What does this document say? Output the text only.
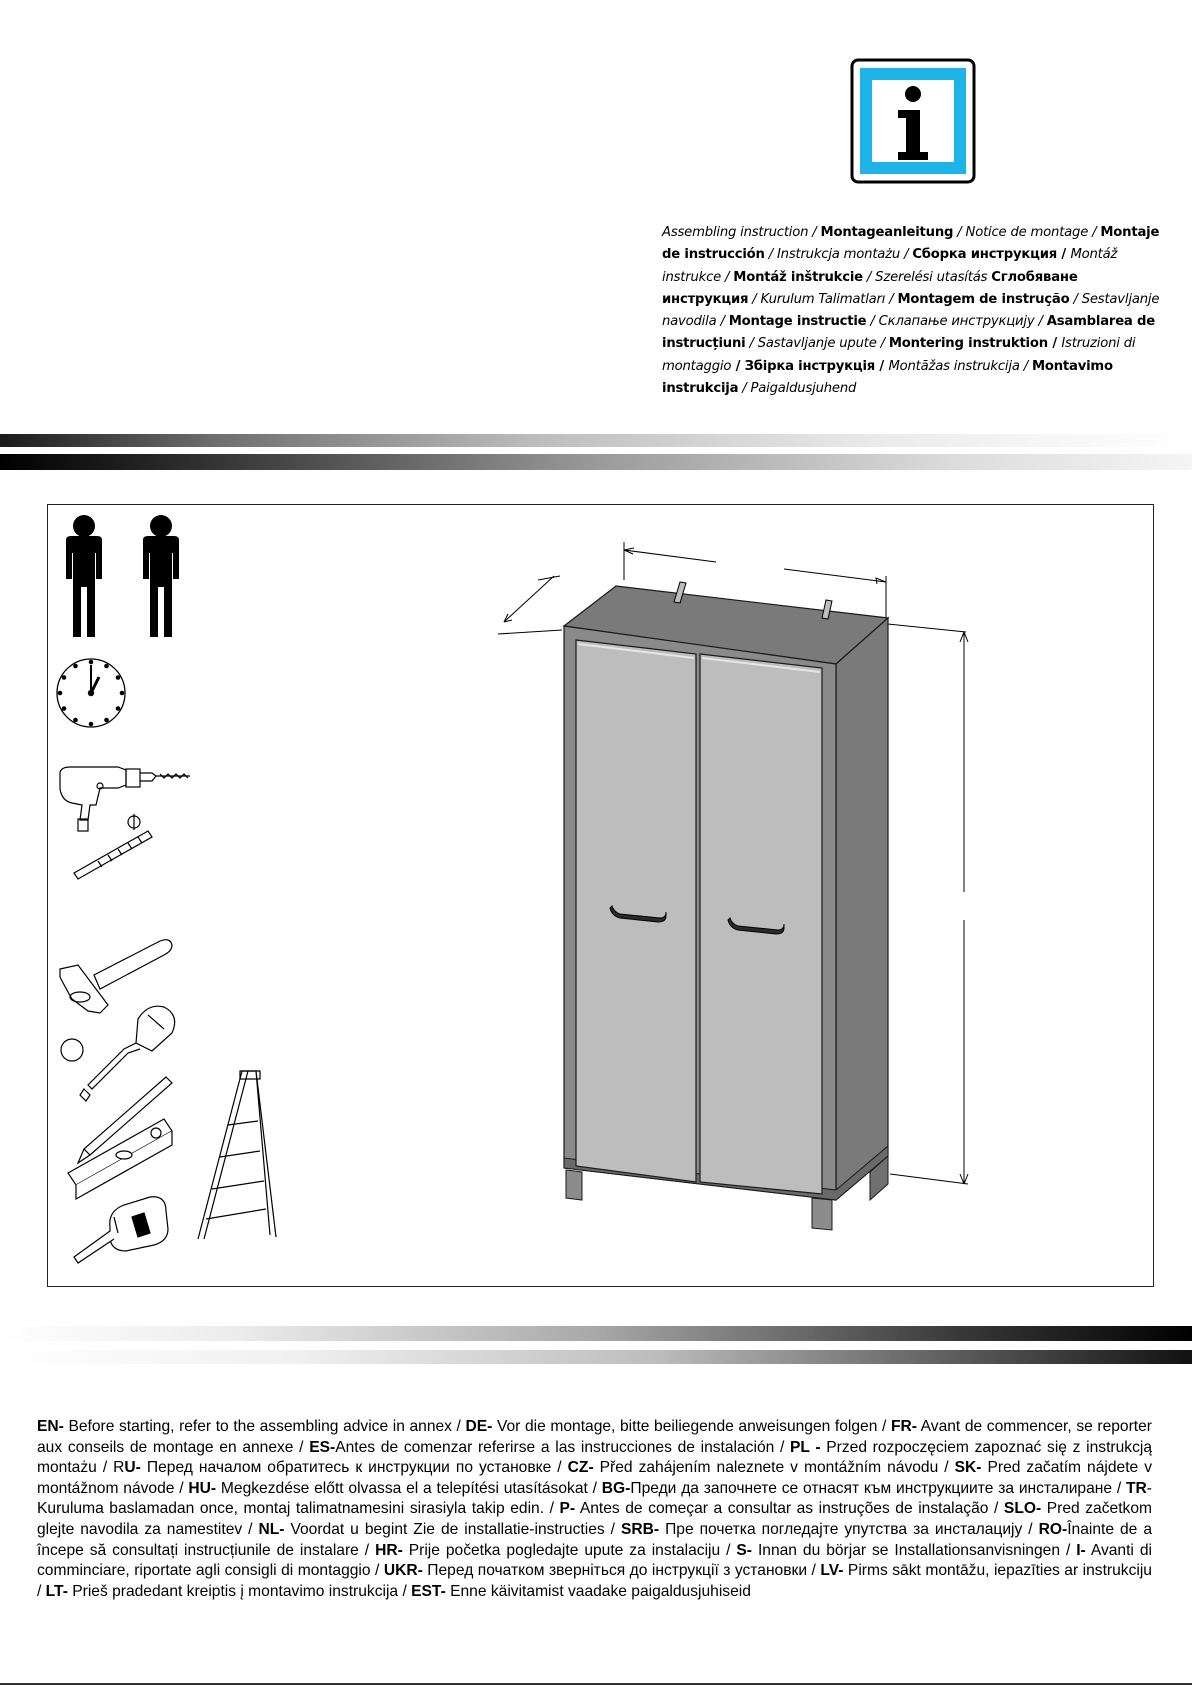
Assembling instruction / Montageanleitung / Notice de montage / Montaje de instrucción / Instrukcja montażu / Сборка инструкция / Montáž instrukce / Montáž inštrukcie / Szerelési utasítás Сглобяване инструкция / Kurulum Talimatları / Montagem de instrução / Sestavljanje navodila / Montage instructie / Склапање инструкцију / Asamblarea de instrucțiuni / Sastavljanje upute / Montering instruktion / Istruzioni di montaggio / Збірка інструкція / Montāžas instrukcija / Montavimo instrukcija / Paigaldusjuhend
EN- Before starting, refer to the assembling advice in annex / DE- Vor die montage, bitte beiliegende anweisungen folgen / FR- Avant de commencer, se reporter aux conseils de montage en annexe / ES-Antes de comenzar referirse a las instrucciones de instalación / PL - Przed rozpoczęciem zapoznać się z instrukcją montażu / RU- Перед началом обратитесь к инструкции по установке / CZ- Před zahájením naleznete v montážním návodu / SK- Pred začatím nájdete v montážnom návode / HU- Megkezdése előtt olvassa el a telepítési utasításokat / BG-Преди да започнете се отнасят към инструкциите за инсталиране / TR- Kuruluma baslamadan once, montaj talimatnamesini sirasiyla takip edin. / P- Antes de começar a consultar as instruções de instalação / SLO- Pred začetkom glejte navodila za namestitev / NL- Voordat u begint Zie de installatie-instructies / SRB- Пре почетка погледајте упутства за инсталацију / RO-Înainte de a începe să consultați instrucțiunile de instalare / HR- Prije početka pogledajte upute za instalaciju / S- Innan du börjar se Installationsanvisningen / I- Avanti di comminciare, riportate agli consigli di montaggio / UKR- Перед початком зверніться до інструкції з установки / LV- Pirms sākt montāžu, iepazīties ar instrukciju / LT- Prieš pradedant kreiptis į montavimo instrukcija / EST- Enne käivitamist vaadake paigaldusjuhiseid
